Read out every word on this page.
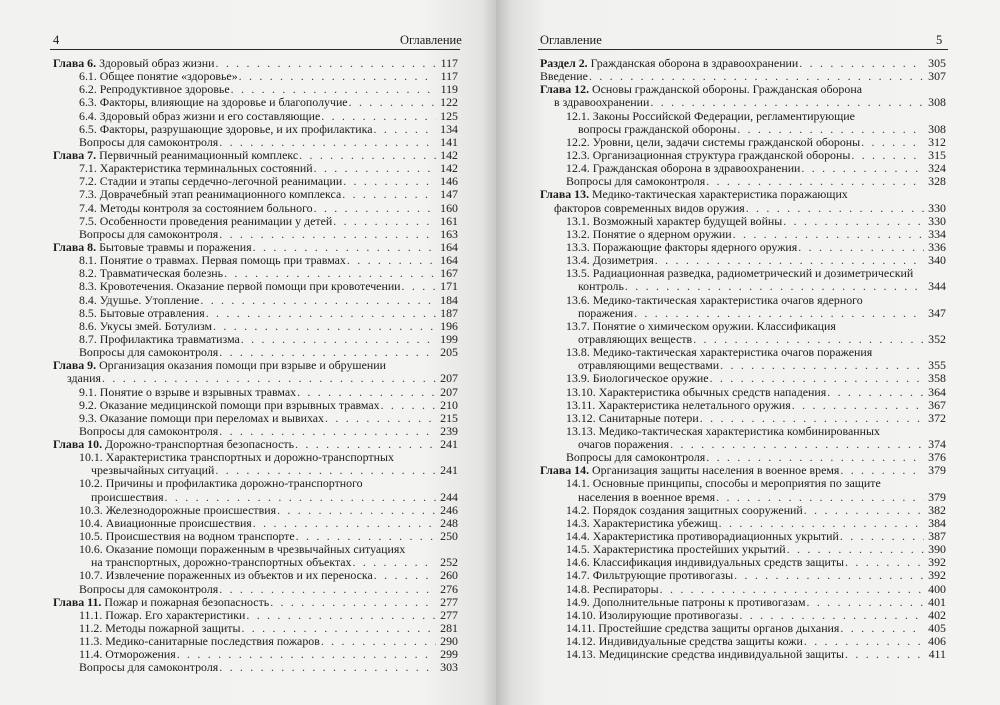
4	Оглавление
Глава 6. Здоровый образ жизни . . .	117
6.1. Общее понятие «здоровье» . . .	117
6.2. Репродуктивное здоровье . . .	119
6.3. Факторы, влияющие на здоровье и благополучие . . .	122
6.4. Здоровый образ жизни и его составляющие . . .	125
6.5. Факторы, разрушающие здоровье, и их профилактика . . .	134
Вопросы для самоконтроля . . .	141
Глава 7. Первичный реанимационный комплекс . . .	142
7.1. Характеристика терминальных состояний . . .	142
7.2. Стадии и этапы сердечно-легочной реанимации . . .	146
7.3. Доврачебный этап реанимационного комплекса . . .	147
7.4. Методы контроля за состоянием больного . . .	160
7.5. Особенности проведения реанимации у детей . . .	161
Вопросы для самоконтроля . . .	163
Глава 8. Бытовые травмы и поражения . . .	164
8.1. Понятие о травмах. Первая помощь при травмах . . .	164
8.2. Травматическая болезнь . . .	167
8.3. Кровотечения. Оказание первой помощи при кровотечении . . .	171
8.4. Удушье. Утопление . . .	184
8.5. Бытовые отравления . . .	187
8.6. Укусы змей. Ботулизм . . .	196
8.7. Профилактика травматизма . . .	199
Вопросы для самоконтроля . . .	205
Глава 9. Организация оказания помощи при взрыве и обрушении
здания . . .	207
9.1. Понятие о взрыве и взрывных травмах . . .	207
9.2. Оказание медицинской помощи при взрывных травмах . . .	210
9.3. Оказание помощи при переломах и вывихах . . .	215
Вопросы для самоконтроля . . .	239
Глава 10. Дорожно-транспортная безопасность . . .	241
10.1. Характеристика транспортных и дорожно-транспортных
чрезвычайных ситуаций . . .	241
10.2. Причины и профилактика дорожно-транспортного
происшествия . . .	244
10.3. Железнодорожные происшествия . . .	246
10.4. Авиационные происшествия . . .	248
10.5. Происшествия на водном транспорте . . .	250
10.6. Оказание помощи пораженным в чрезвычайных ситуациях
на транспортных, дорожно-транспортных объектах . . .	252
10.7. Извлечение пораженных из объектов и их переноска . . .	260
Вопросы для самоконтроля . . .	276
Глава 11. Пожар и пожарная безопасность . . .	277
11.1. Пожар. Его характеристики . . .	277
11.2. Методы пожарной защиты . . .	281
11.3. Медико-санитарные последствия пожаров . . .	290
11.4. Отморожения . . .	299
Вопросы для самоконтроля . . .	303
Оглавление	5
Раздел 2. Гражданская оборона в здравоохранении . . .	305
Введение . . .	307
Глава 12. Основы гражданской обороны. Гражданская оборона
в здравоохранении . . .	308
12.1. Законы Российской Федерации, регламентирующие
вопросы гражданской обороны . . .	308
12.2. Уровни, цели, задачи системы гражданской обороны . . .	312
12.3. Организационная структура гражданской обороны . . .	315
12.4. Гражданская оборона в здравоохранении . . .	324
Вопросы для самоконтроля . . .	328
Глава 13. Медико-тактическая характеристика поражающих
факторов современных видов оружия . . .	330
13.1. Возможный характер будущей войны . . .	330
13.2. Понятие о ядерном оружии . . .	334
13.3. Поражающие факторы ядерного оружия . . .	336
13.4. Дозиметрия . . .	340
13.5. Радиационная разведка, радиометрический и дозиметрический
контроль . . .	344
13.6. Медико-тактическая характеристика очагов ядерного
поражения . . .	347
13.7. Понятие о химическом оружии. Классификация
отравляющих веществ . . .	352
13.8. Медико-тактическая характеристика очагов поражения
отравляющими веществами . . .	355
13.9. Биологическое оружие . . .	358
13.10. Характеристика обычных средств нападения . . .	364
13.11. Характеристика нелетального оружия . . .	367
13.12. Санитарные потери . . .	372
13.13. Медико-тактическая характеристика комбинированных
очагов поражения . . .	374
Вопросы для самоконтроля . . .	376
Глава 14. Организация защиты населения в военное время . . .	379
14.1. Основные принципы, способы и мероприятия по защите
населения в военное время . . .	379
14.2. Порядок создания защитных сооружений . . .	382
14.3. Характеристика убежищ . . .	384
14.4. Характеристика противорадиационных укрытий . . .	387
14.5. Характеристика простейших укрытий . . .	390
14.6. Классификация индивидуальных средств защиты . . .	392
14.7. Фильтрующие противогазы . . .	392
14.8. Респираторы . . .	400
14.9. Дополнительные патроны к противогазам . . .	401
14.10. Изолирующие противогазы . . .	402
14.11. Простейшие средства защиты органов дыхания . . .	405
14.12. Индивидуальные средства защиты кожи . . .	406
14.13. Медицинские средства индивидуальной защиты . . .	411
